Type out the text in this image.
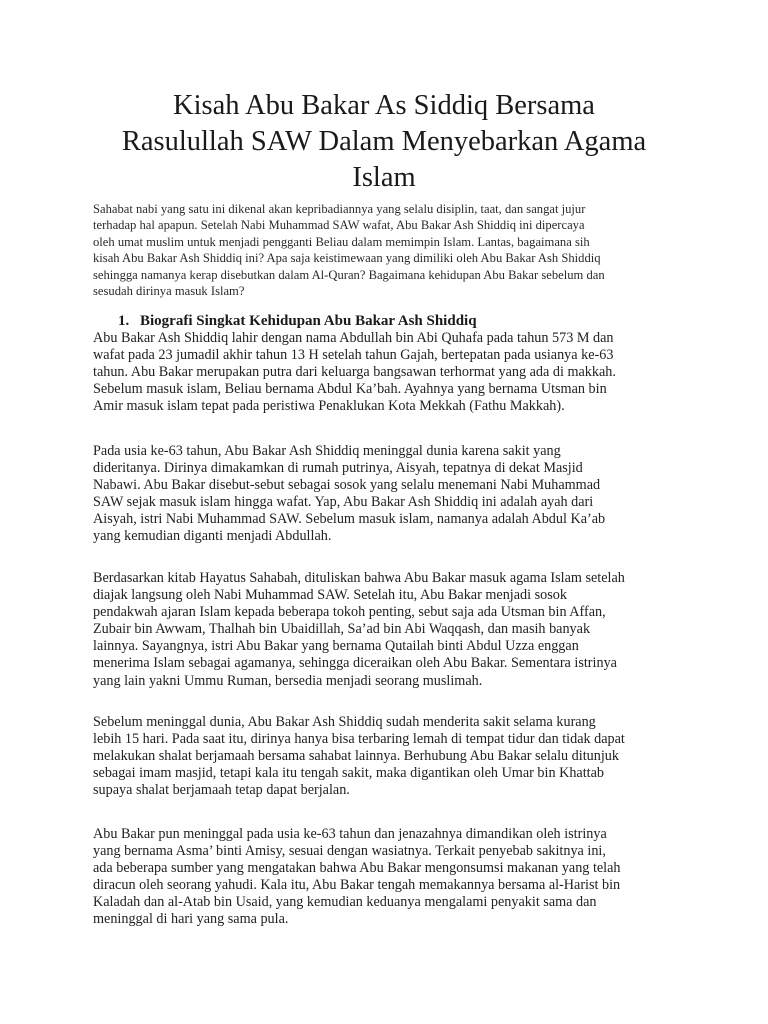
Kisah Abu Bakar As Siddiq Bersama
Rasulullah SAW Dalam Menyebarkan Agama
Islam

Sahabat nabi yang satu ini dikenal akan kepribadiannya yang selalu disiplin, taat, dan sangat jujur
terhadap hal apapun. Setelah Nabi Muhammad SAW wafat, Abu Bakar Ash Shiddiq ini dipercaya
oleh umat muslim untuk menjadi pengganti Beliau dalam memimpin Islam. Lantas, bagaimana sih
kisah Abu Bakar Ash Shiddiq ini? Apa saja keistimewaan yang dimiliki oleh Abu Bakar Ash Shiddiq
sehingga namanya kerap disebutkan dalam Al-Quran? Bagaimana kehidupan Abu Bakar sebelum dan
sesudah dirinya masuk Islam?

1. Biografi Singkat Kehidupan Abu Bakar Ash Shiddiq

Abu Bakar Ash Shiddiq lahir dengan nama Abdullah bin Abi Quhafa pada tahun 573 M dan
wafat pada 23 jumadil akhir tahun 13 H setelah tahun Gajah, bertepatan pada usianya ke-63
tahun. Abu Bakar merupakan putra dari keluarga bangsawan terhormat yang ada di makkah.
Sebelum masuk islam, Beliau bernama Abdul Ka’bah. Ayahnya yang bernama Utsman bin
Amir masuk islam tepat pada peristiwa Penaklukan Kota Mekkah (Fathu Makkah).

Pada usia ke-63 tahun, Abu Bakar Ash Shiddiq meninggal dunia karena sakit yang
dideritanya. Dirinya dimakamkan di rumah putrinya, Aisyah, tepatnya di dekat Masjid
Nabawi. Abu Bakar disebut-sebut sebagai sosok yang selalu menemani Nabi Muhammad
SAW sejak masuk islam hingga wafat. Yap, Abu Bakar Ash Shiddiq ini adalah ayah dari
Aisyah, istri Nabi Muhammad SAW. Sebelum masuk islam, namanya adalah Abdul Ka’ab
yang kemudian diganti menjadi Abdullah.

Berdasarkan kitab Hayatus Sahabah, dituliskan bahwa Abu Bakar masuk agama Islam setelah
diajak langsung oleh Nabi Muhammad SAW. Setelah itu, Abu Bakar menjadi sosok
pendakwah ajaran Islam kepada beberapa tokoh penting, sebut saja ada Utsman bin Affan,
Zubair bin Awwam, Thalhah bin Ubaidillah, Sa’ad bin Abi Waqqash, dan masih banyak
lainnya. Sayangnya, istri Abu Bakar yang bernama Qutailah binti Abdul Uzza enggan
menerima Islam sebagai agamanya, sehingga diceraikan oleh Abu Bakar. Sementara istrinya
yang lain yakni Ummu Ruman, bersedia menjadi seorang muslimah.

Sebelum meninggal dunia, Abu Bakar Ash Shiddiq sudah menderita sakit selama kurang
lebih 15 hari. Pada saat itu, dirinya hanya bisa terbaring lemah di tempat tidur dan tidak dapat
melakukan shalat berjamaah bersama sahabat lainnya. Berhubung Abu Bakar selalu ditunjuk
sebagai imam masjid, tetapi kala itu tengah sakit, maka digantikan oleh Umar bin Khattab
supaya shalat berjamaah tetap dapat berjalan.

Abu Bakar pun meninggal pada usia ke-63 tahun dan jenazahnya dimandikan oleh istrinya
yang bernama Asma’ binti Amisy, sesuai dengan wasiatnya. Terkait penyebab sakitnya ini,
ada beberapa sumber yang mengatakan bahwa Abu Bakar mengonsumsi makanan yang telah
diracun oleh seorang yahudi. Kala itu, Abu Bakar tengah memakannya bersama al-Harist bin
Kaladah dan al-Atab bin Usaid, yang kemudian keduanya mengalami penyakit sama dan
meninggal di hari yang sama pula.
